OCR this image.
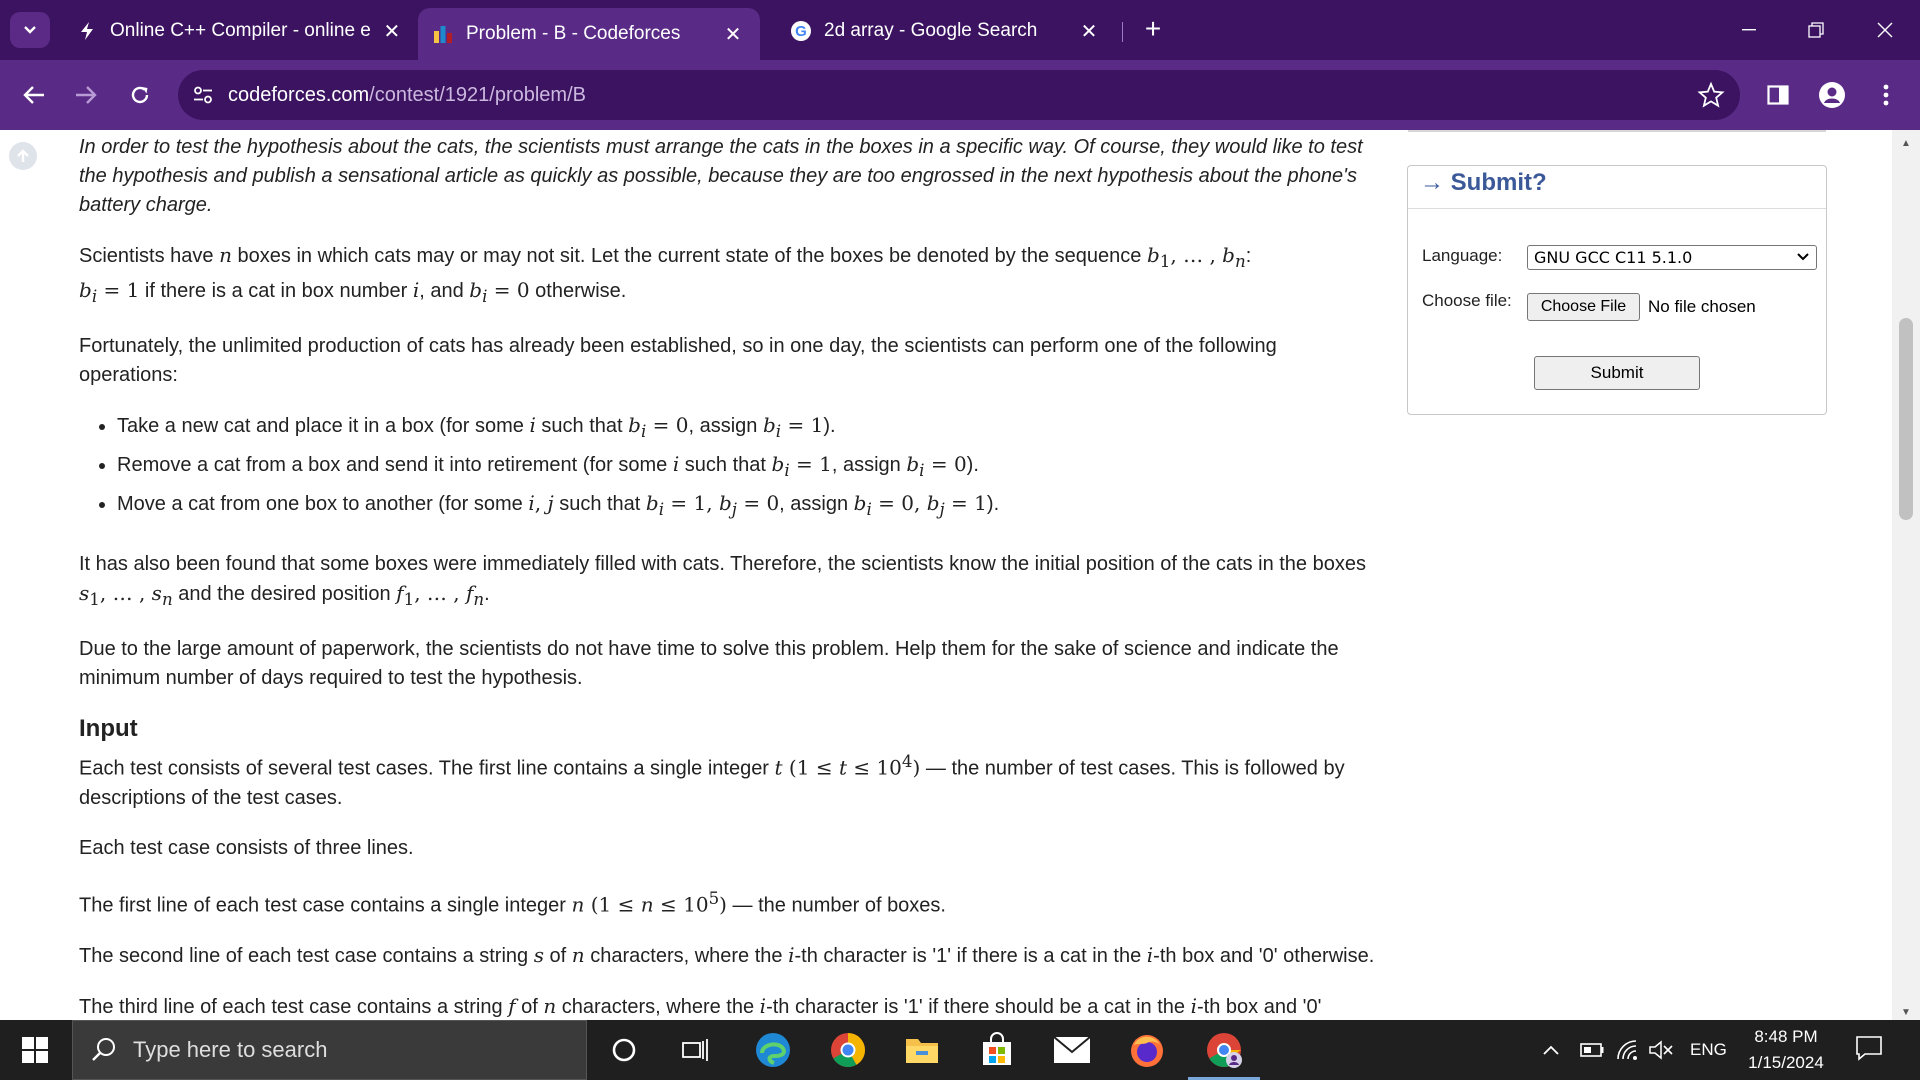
Online C++ Compiler - online e ✕	Problem - B - Codeforces	✕	G 2d array - Google Search	✕ +
codeforces.com/contest/1921/problem/B

In order to test the hypothesis about the cats, the scientists must arrange the cats in the boxes in a specific way. Of course, they would like to test the hypothesis and publish a sensational article as quickly as possible, because they are too engrossed in the next hypothesis about the phone's battery charge.

Scientists have n boxes in which cats may or may not sit. Let the current state of the boxes be denoted by the sequence $b_1$, … , $b_n$:
$b_i = 1$ if there is a cat in box number i, and $b_i = 0$ otherwise.

Fortunately, the unlimited production of cats has already been established, so in one day, the scientists can perform one of the following operations:

• Take a new cat and place it in a box (for some i such that $b_i = 0$, assign $b_i = 1$).
• Remove a cat from a box and send it into retirement (for some i such that $b_i = 1$, assign $b_i = 0$).
• Move a cat from one box to another (for some i, j such that $b_i = 1$, $b_j = 0$, assign $b_i = 0$, $b_j = 1$).

It has also been found that some boxes were immediately filled with cats. Therefore, the scientists know the initial position of the cats in the boxes $s_1$, … , $s_n$ and the desired position $f_1$, … , $f_n$.

Due to the large amount of paperwork, the scientists do not have time to solve this problem. Help them for the sake of science and indicate the minimum number of days required to test the hypothesis.

Input

Each test consists of several test cases. The first line contains a single integer t $(1 \le t \le 10^4)$ — the number of test cases. This is followed by descriptions of the test cases.

Each test case consists of three lines.

The first line of each test case contains a single integer n $(1 \le n \le 10^5)$ — the number of boxes.

The second line of each test case contains a string s of n characters, where the i-th character is '1' if there is a cat in the i-th box and '0' otherwise.

The third line of each test case contains a string f of n characters, where the i-th character is '1' if there should be a cat in the i-th box and '0'

→ Submit?
Language:	GNU GCC C11 5.1.0
Choose file:	Choose File	No file chosen
Submit
▲
▼
Type here to search	ENG
8:48 PM
1/15/2024
